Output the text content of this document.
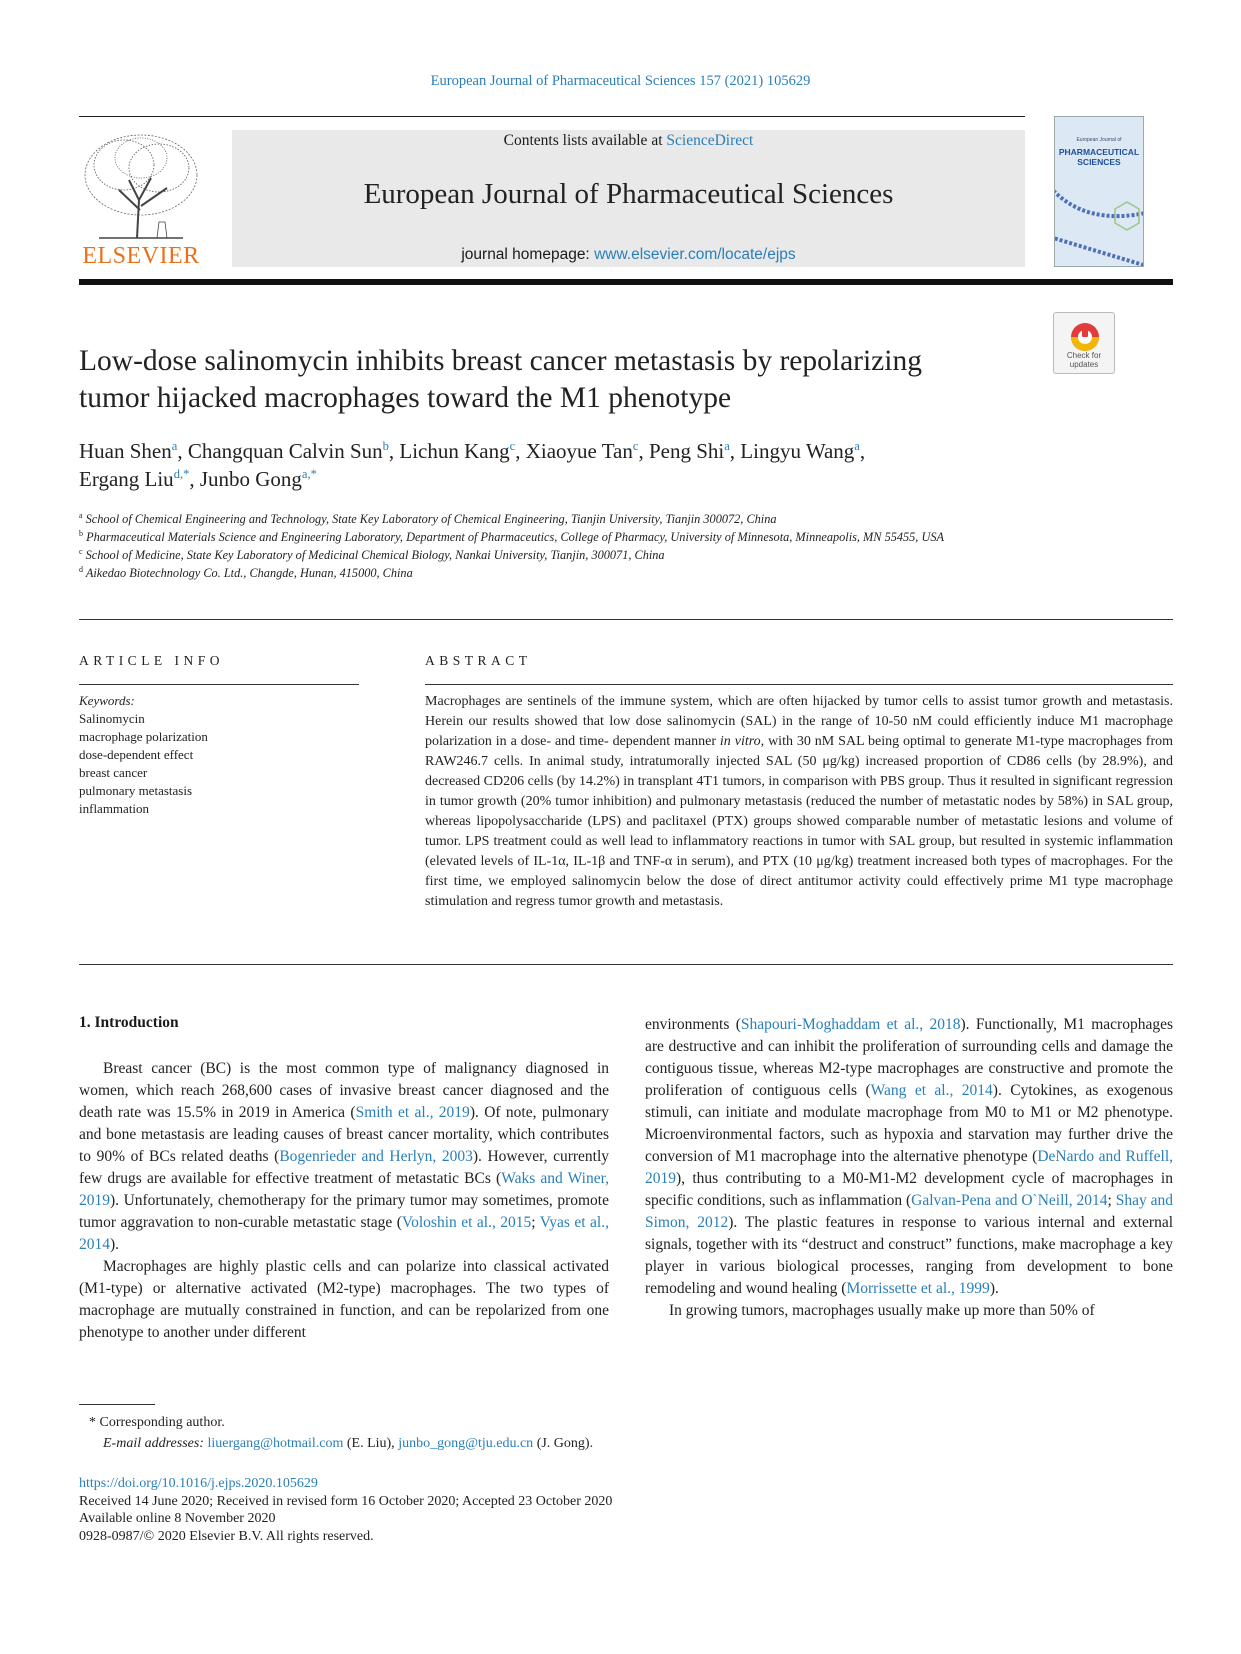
European Journal of Pharmaceutical Sciences 157 (2021) 105629
ELSEVIER
Contents lists available at ScienceDirect
European Journal of Pharmaceutical Sciences
journal homepage: www.elsevier.com/locate/ejps
European Journal of
PHARMACEUTICAL
SCIENCES
Check for
updates
Low-dose salinomycin inhibits breast cancer metastasis by repolarizing
tumor hijacked macrophages toward the M1 phenotype
Huan Shen$^a$, Changquan Calvin Sun$^b$, Lichun Kang$^c$, Xiaoyue Tan$^c$, Peng Shi$^a$, Lingyu Wang$^a$,
Ergang Liu$^{d,*}$, Junbo Gong$^{a,*}$
$^a$ School of Chemical Engineering and Technology, State Key Laboratory of Chemical Engineering, Tianjin University, Tianjin 300072, China
$^b$ Pharmaceutical Materials Science and Engineering Laboratory, Department of Pharmaceutics, College of Pharmacy, University of Minnesota, Minneapolis, MN 55455, USA
$^c$ School of Medicine, State Key Laboratory of Medicinal Chemical Biology, Nankai University, Tianjin, 300071, China
$^d$ Aikedao Biotechnology Co. Ltd., Changde, Hunan, 415000, China
ARTICLE INFO	ABSTRACT
Keywords:
Salinomycin
macrophage polarization
dose-dependent effect
breast cancer
pulmonary metastasis
inflammation
Macrophages are sentinels of the immune system, which are often hijacked by tumor cells to assist tumor growth and metastasis. Herein our results showed that low dose salinomycin (SAL) in the range of 10-50 nM could efficiently induce M1 macrophage polarization in a dose- and time- dependent manner in vitro, with 30 nM SAL being optimal to generate M1-type macrophages from RAW246.7 cells. In animal study, intratumorally injected SAL (50 μg/kg) increased proportion of CD86 cells (by 28.9%), and decreased CD206 cells (by 14.2%) in transplant 4T1 tumors, in comparison with PBS group. Thus it resulted in significant regression in tumor growth (20% tumor inhibition) and pulmonary metastasis (reduced the number of metastatic nodes by 58%) in SAL group, whereas lipopolysaccharide (LPS) and paclitaxel (PTX) groups showed comparable number of metastatic lesions and volume of tumor. LPS treatment could as well lead to inflammatory reactions in tumor with SAL group, but resulted in systemic inflammation (elevated levels of IL-1α, IL-1β and TNF-α in serum), and PTX (10 μg/kg) treatment increased both types of macrophages. For the first time, we employed salinomycin below the dose of direct antitumor activity could effectively prime M1 type macrophage stimulation and regress tumor growth and metastasis.
1. Introduction

Breast cancer (BC) is the most common type of malignancy diagnosed in women, which reach 268,600 cases of invasive breast cancer diagnosed and the death rate was 15.5% in 2019 in America (Smith et al., 2019). Of note, pulmonary and bone metastasis are leading causes of breast cancer mortality, which contributes to 90% of BCs related deaths (Bogenrieder and Herlyn, 2003). However, currently few drugs are available for effective treatment of metastatic BCs (Waks and Winer, 2019). Unfortunately, chemotherapy for the primary tumor may sometimes, promote tumor aggravation to non-curable metastatic stage (Voloshin et al., 2015; Vyas et al., 2014).

Macrophages are highly plastic cells and can polarize into classical activated (M1-type) or alternative activated (M2-type) macrophages. The two types of macrophage are mutually constrained in function, and can be repolarized from one phenotype to another under different

environments (Shapouri-Moghaddam et al., 2018). Functionally, M1 macrophages are destructive and can inhibit the proliferation of surrounding cells and damage the contiguous tissue, whereas M2-type macrophages are constructive and promote the proliferation of contiguous cells (Wang et al., 2014). Cytokines, as exogenous stimuli, can initiate and modulate macrophage from M0 to M1 or M2 phenotype. Microenvironmental factors, such as hypoxia and starvation may further drive the conversion of M1 macrophage into the alternative phenotype (DeNardo and Ruffell, 2019), thus contributing to a M0-M1-M2 development cycle of macrophages in specific conditions, such as inflammation (Galvan-Pena and O`Neill, 2014; Shay and Simon, 2012). The plastic features in response to various internal and external signals, together with its “destruct and construct” functions, make macrophage a key player in various biological processes, ranging from development to bone remodeling and wound healing (Morrissette et al., 1999).

In growing tumors, macrophages usually make up more than 50% of

* Corresponding author.
E-mail addresses: liuergang@hotmail.com (E. Liu), junbo_gong@tju.edu.cn (J. Gong).
https://doi.org/10.1016/j.ejps.2020.105629
Received 14 June 2020; Received in revised form 16 October 2020; Accepted 23 October 2020
Available online 8 November 2020
0928-0987/© 2020 Elsevier B.V. All rights reserved.
